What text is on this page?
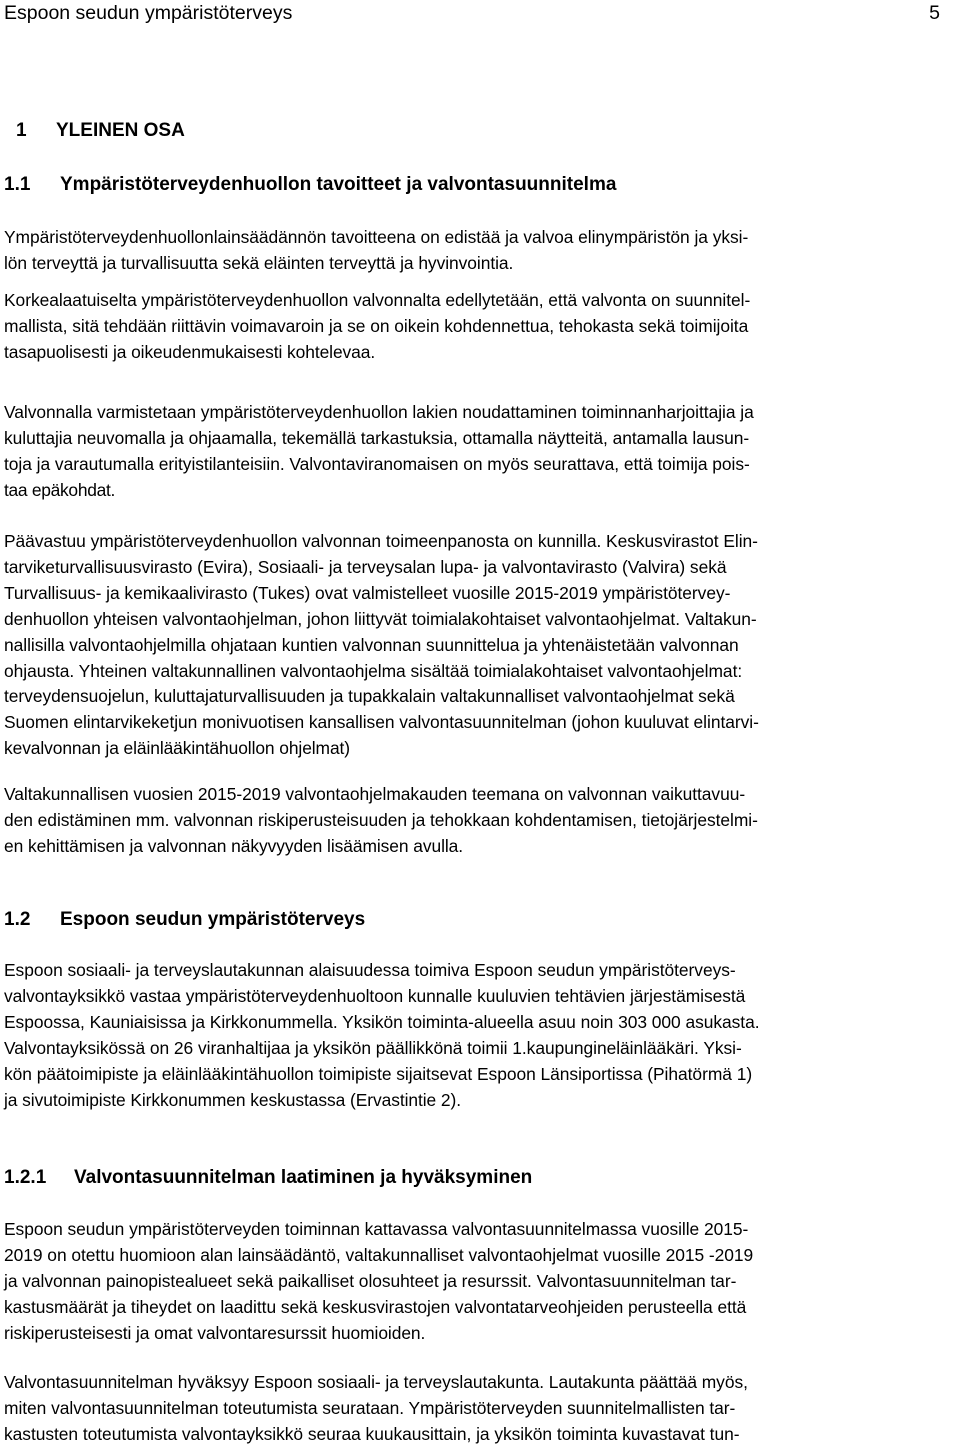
Espoon seudun ympäristöterveys	5
1 YLEINEN OSA
1.1 Ympäristöterveydenhuollon tavoitteet ja valvontasuunnitelma
Ympäristöterveydenhuollonlainsäädännön tavoitteena on edistää ja valvoa elinympäristön ja yksi-
lön terveyttä ja turvallisuutta sekä eläinten terveyttä ja hyvinvointia.
Korkealaatuiselta ympäristöterveydenhuollon valvonnalta edellytetään, että valvonta on suunnitel-
mallista, sitä tehdään riittävin voimavaroin ja se on oikein kohdennettua, tehokasta sekä toimijoita
tasapuolisesti ja oikeudenmukaisesti kohtelevaa.
Valvonnalla varmistetaan ympäristöterveydenhuollon lakien noudattaminen toiminnanharjoittajia ja
kuluttajia neuvomalla ja ohjaamalla, tekemällä tarkastuksia, ottamalla näytteitä, antamalla lausun-
toja ja varautumalla erityistilanteisiin. Valvontaviranomaisen on myös seurattava, että toimija pois-
taa epäkohdat.
Päävastuu ympäristöterveydenhuollon valvonnan toimeenpanosta on kunnilla. Keskusvirastot Elin-
tarviketurvallisuusvirasto (Evira), Sosiaali- ja terveysalan lupa- ja valvontavirasto (Valvira) sekä
Turvallisuus- ja kemikaalivirasto (Tukes) ovat valmistelleet vuosille 2015-2019 ympäristötervey-
denhuollon yhteisen valvontaohjelman, johon liittyvät toimialakohtaiset valvontaohjelmat. Valtakun-
nallisilla valvontaohjelmilla ohjataan kuntien valvonnan suunnittelua ja yhtenäistetään valvonnan
ohjausta. Yhteinen valtakunnallinen valvontaohjelma sisältää toimialakohtaiset valvontaohjelmat:
terveydensuojelun, kuluttajaturvallisuuden ja tupakkalain valtakunnalliset valvontaohjelmat sekä
Suomen elintarvikeketjun monivuotisen kansallisen valvontasuunnitelman (johon kuuluvat elintarvi-
kevalvonnan ja eläinlääkintähuollon ohjelmat)
Valtakunnallisen vuosien 2015-2019 valvontaohjelmakauden teemana on valvonnan vaikuttavuu-
den edistäminen mm. valvonnan riskiperusteisuuden ja tehokkaan kohdentamisen, tietojärjestelmi-
en kehittämisen ja valvonnan näkyvyyden lisäämisen avulla.
1.2 Espoon seudun ympäristöterveys
Espoon sosiaali- ja terveyslautakunnan alaisuudessa toimiva Espoon seudun ympäristöterveys-
valvontayksikkö vastaa ympäristöterveydenhuoltoon kunnalle kuuluvien tehtävien järjestämisestä
Espoossa, Kauniaisissa ja Kirkkonummella. Yksikön toiminta-alueella asuu noin 303 000 asukasta.
Valvontayksikössä on 26 viranhaltijaa ja yksikön päällikkönä toimii 1.kaupungineläinlääkäri. Yksi-
kön päätoimipiste ja eläinlääkintähuollon toimipiste sijaitsevat Espoon Länsiportissa (Pihatörmä 1)
ja sivutoimipiste Kirkkonummen keskustassa (Ervastintie 2).
1.2.1 Valvontasuunnitelman laatiminen ja hyväksyminen
Espoon seudun ympäristöterveyden toiminnan kattavassa valvontasuunnitelmassa vuosille 2015-
2019 on otettu huomioon alan lainsäädäntö, valtakunnalliset valvontaohjelmat vuosille 2015 -2019
ja valvonnan painopistealueet sekä paikalliset olosuhteet ja resurssit. Valvontasuunnitelman tar-
kastusmäärät ja tiheydet on laadittu sekä keskusvirastojen valvontatarveohjeiden perusteella että
riskiperusteisesti ja omat valvontaresurssit huomioiden.
Valvontasuunnitelman hyväksyy Espoon sosiaali- ja terveyslautakunta. Lautakunta päättää myös,
miten valvontasuunnitelman toteutumista seurataan. Ympäristöterveyden suunnitelmallisten tar-
kastusten toteutumista valvontayksikkö seuraa kuukausittain, ja yksikön toiminta kuvastavat tun-
